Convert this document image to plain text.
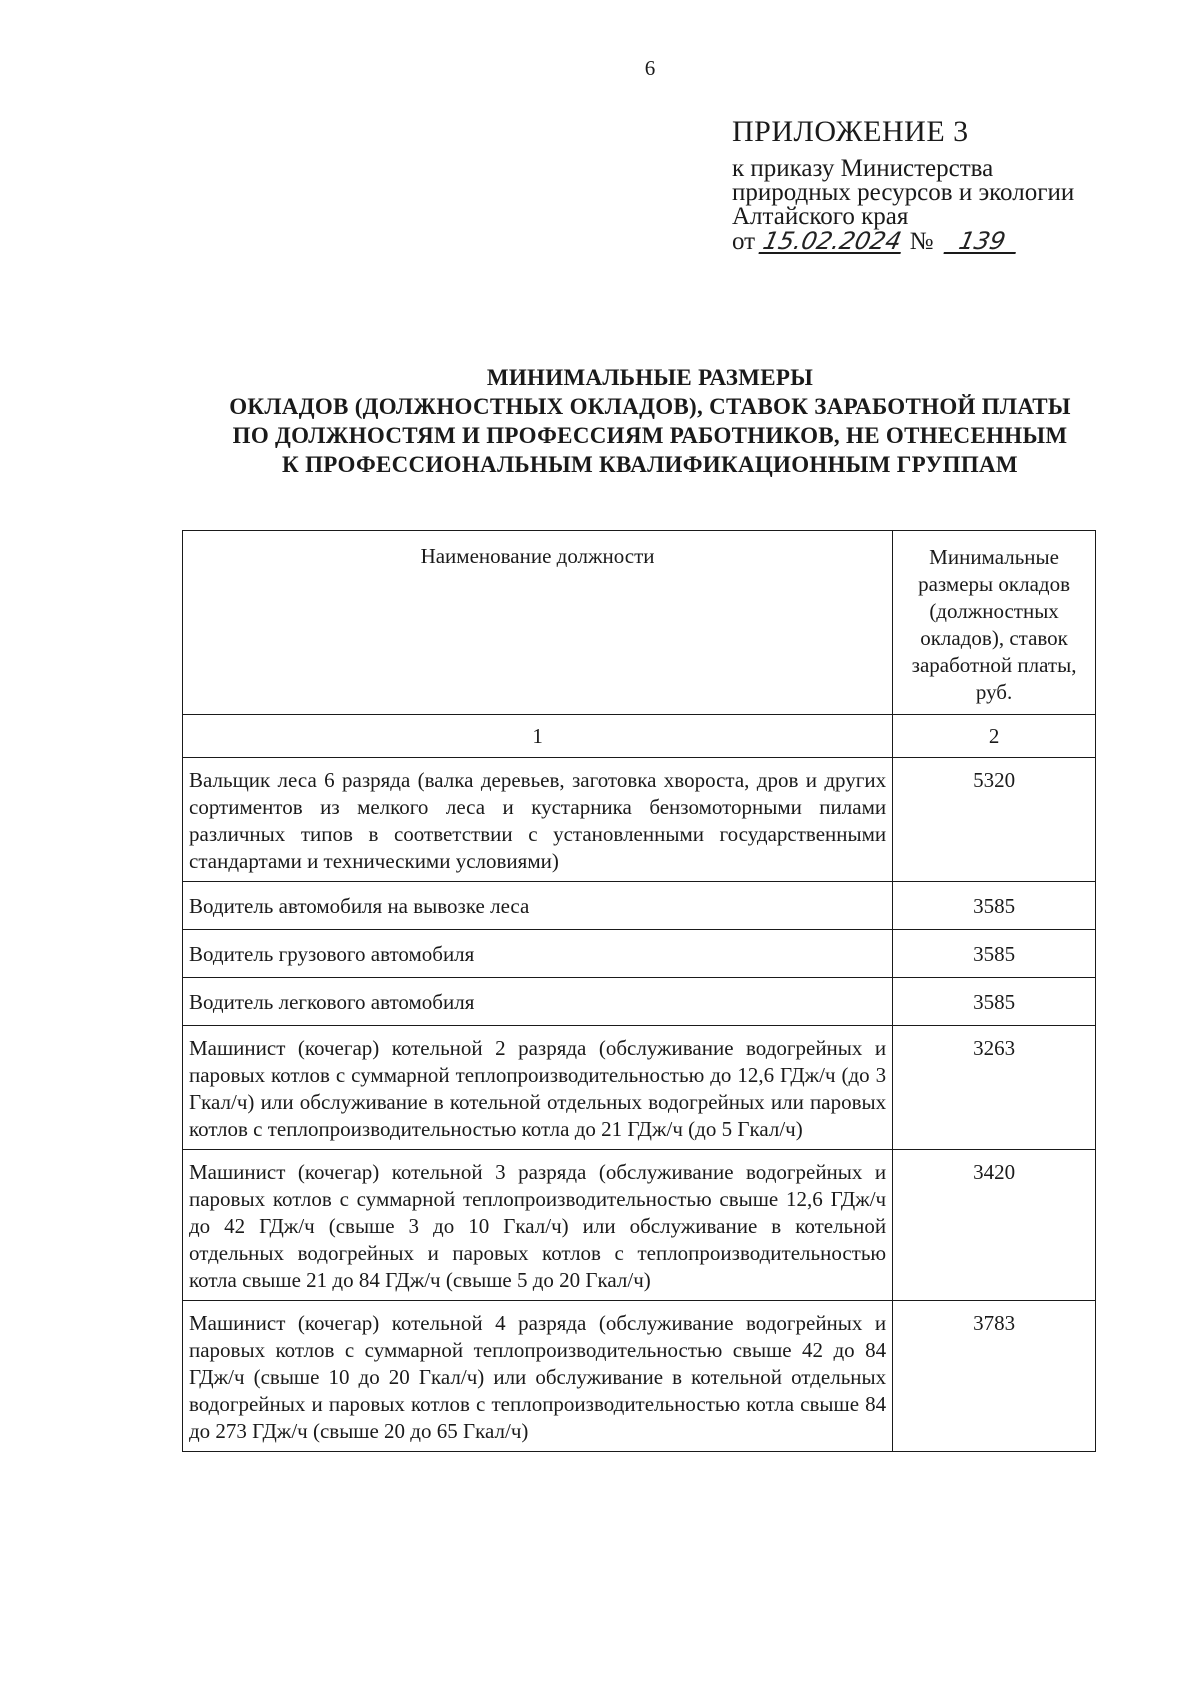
6
ПРИЛОЖЕНИЕ 3
к приказу Министерства
природных ресурсов и экологии
Алтайского края
от 15.02.2024 № 139
МИНИМАЛЬНЫЕ РАЗМЕРЫ
ОКЛАДОВ (ДОЛЖНОСТНЫХ ОКЛАДОВ), СТАВОК ЗАРАБОТНОЙ ПЛАТЫ
ПО ДОЛЖНОСТЯМ И ПРОФЕССИЯМ РАБОТНИКОВ, НЕ ОТНЕСЕННЫМ
К ПРОФЕССИОНАЛЬНЫМ КВАЛИФИКАЦИОННЫМ ГРУППАМ
Наименование должности	Минимальные размеры окладов (должностных окладов), ставок заработной платы, руб.
1	2
Вальщик леса 6 разряда (валка деревьев, заготовка хвороста, дров и других сортиментов из мелкого леса и кустарника бензомоторными пилами различных типов в соответствии с установленными государственными стандартами и техническими условиями)	5320
Водитель автомобиля на вывозке леса	3585
Водитель грузового автомобиля	3585
Водитель легкового автомобиля	3585
Машинист (кочегар) котельной 2 разряда (обслуживание водогрейных и паровых котлов с суммарной теплопроизводительностью до 12,6 ГДж/ч (до 3 Гкал/ч) или обслуживание в котельной отдельных водогрейных или паровых котлов с теплопроизводительностью котла до 21 ГДж/ч (до 5 Гкал/ч)	3263
Машинист (кочегар) котельной 3 разряда (обслуживание водогрейных и паровых котлов с суммарной теплопроизводительностью свыше 12,6 ГДж/ч до 42 ГДж/ч (свыше 3 до 10 Гкал/ч) или обслуживание в котельной отдельных водогрейных и паровых котлов с теплопроизводительностью котла свыше 21 до 84 ГДж/ч (свыше 5 до 20 Гкал/ч)	3420
Машинист (кочегар) котельной 4 разряда (обслуживание водогрейных и паровых котлов с суммарной теплопроизводительностью свыше 42 до 84 ГДж/ч (свыше 10 до 20 Гкал/ч) или обслуживание в котельной отдельных водогрейных и паровых котлов с теплопроизводительностью котла свыше 84 до 273 ГДж/ч (свыше 20 до 65 Гкал/ч)	3783
